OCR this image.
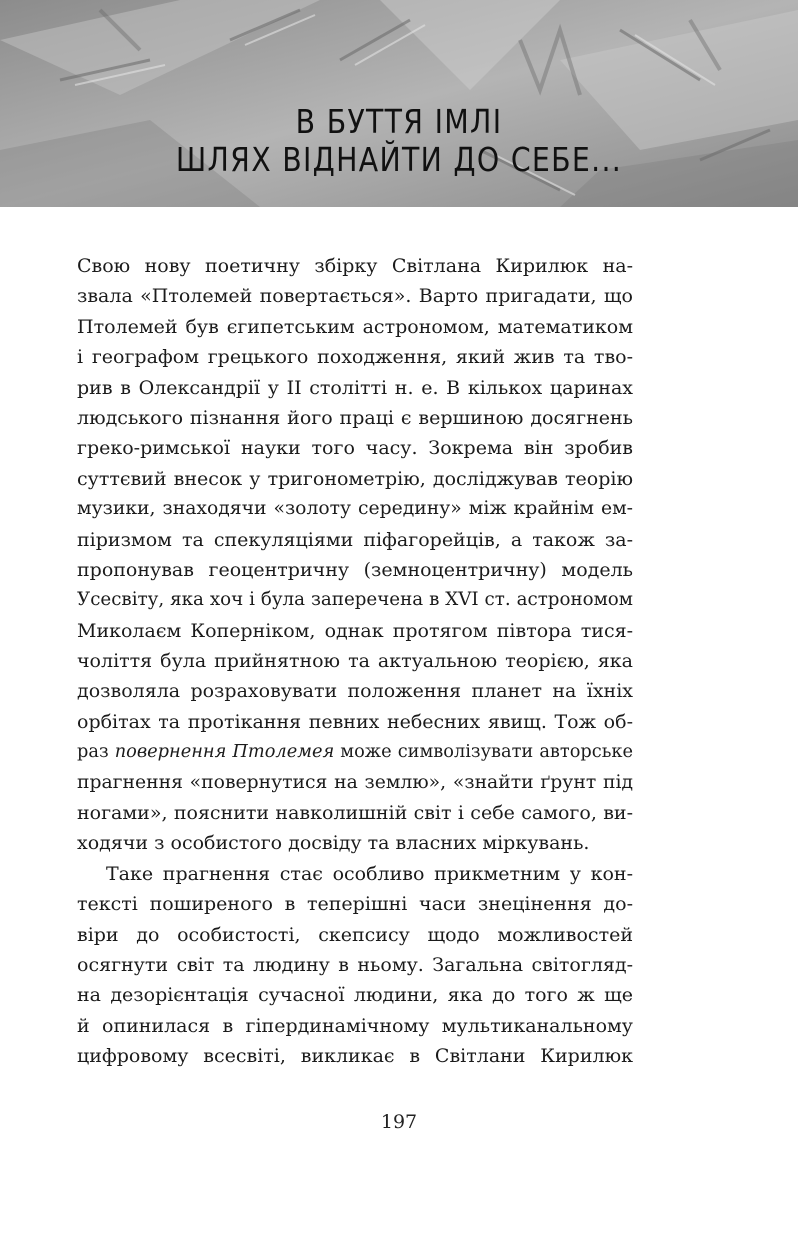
В БУТТЯ ІМЛІ
ШЛЯХ ВІДНАЙТИ ДО СЕБЕ...
Свою нову поетичну збірку Світлана Кирилюк на-
звала «Птолемей повертається». Варто пригадати, що
Птолемей був єгипетським астрономом, математиком
і географом грецького походження, який жив та тво-
рив в Олександрії у II столітті н. е. В кількох царинах
людського пізнання його праці є вершиною досягнень
греко-римської науки того часу. Зокрема він зробив
суттєвий внесок у тригонометрію, досліджував теорію
музики, знаходячи «золоту середину» між крайнім ем-
піризмом та спекуляціями піфагорейців, а також за-
пропонував геоцентричну (земноцентричну) модель
Усесвіту, яка хоч і була заперечена в XVI ст. астрономом
Миколаєм Коперніком, однак протягом півтора тися-
чоліття була прийнятною та актуальною теорією, яка
дозволяла розраховувати положення планет на їхніх
орбітах та протікання певних небесних явищ. Тож об-
раз повернення Птолемея може символізувати авторське
прагнення «повернутися на землю», «знайти ґрунт під
ногами», пояснити навколишній світ і себе самого, ви-
ходячи з особистого досвіду та власних міркувань.
Таке прагнення стає особливо прикметним у кон-
тексті поширеного в теперішні часи знецінення до-
віри до особистості, скепсису щодо можливостей
осягнути світ та людину в ньому. Загальна світогляд-
на дезорієнтація сучасної людини, яка до того ж ще
й опинилася в гіпердинамічному мультиканальному
цифровому всесвіті, викликає в Світлани Кирилюк
197
